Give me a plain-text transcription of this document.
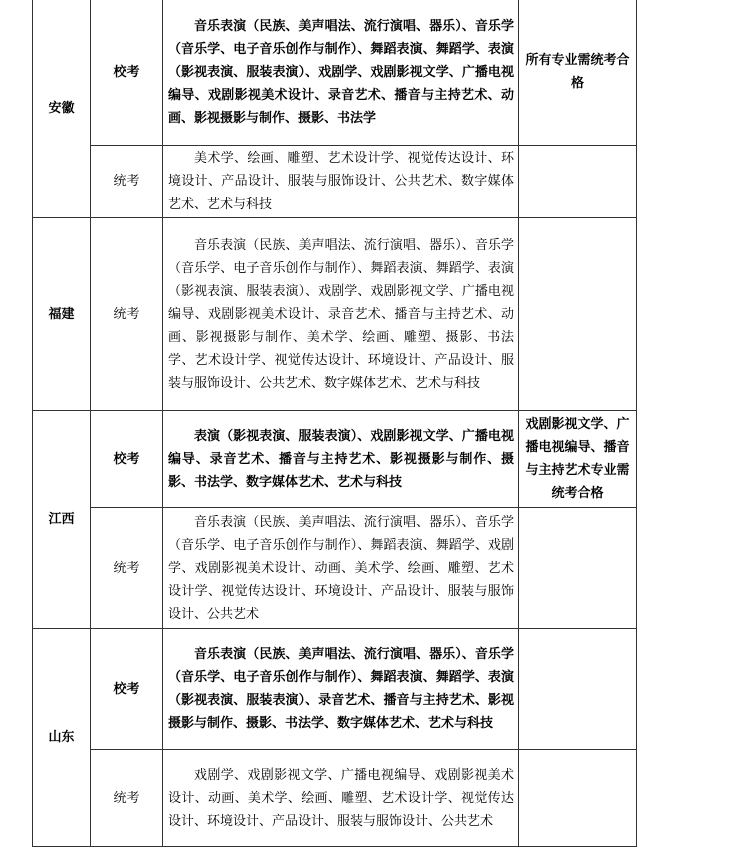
安徽	校考	音乐表演（民族、美声唱法、流行演唱、器乐）、音乐学（音乐学、电子音乐创作与制作）、舞蹈表演、舞蹈学、表演（影视表演、服装表演）、戏剧学、戏剧影视文学、广播电视编导、戏剧影视美术设计、录音艺术、播音与主持艺术、动画、影视摄影与制作、摄影、书法学	所有专业需统考合格
	统考	美术学、绘画、雕塑、艺术设计学、视觉传达设计、环境设计、产品设计、服装与服饰设计、公共艺术、数字媒体艺术、艺术与科技	
福建	统考	音乐表演（民族、美声唱法、流行演唱、器乐）、音乐学（音乐学、电子音乐创作与制作）、舞蹈表演、舞蹈学、表演（影视表演、服装表演）、戏剧学、戏剧影视文学、广播电视编导、戏剧影视美术设计、录音艺术、播音与主持艺术、动画、影视摄影与制作、美术学、绘画、雕塑、摄影、书法学、艺术设计学、视觉传达设计、环境设计、产品设计、服装与服饰设计、公共艺术、数字媒体艺术、艺术与科技	
江西	校考	表演（影视表演、服装表演）、戏剧影视文学、广播电视编导、录音艺术、播音与主持艺术、影视摄影与制作、摄影、书法学、数字媒体艺术、艺术与科技	戏剧影视文学、广播电视编导、播音与主持艺术专业需统考合格
	统考	音乐表演（民族、美声唱法、流行演唱、器乐）、音乐学（音乐学、电子音乐创作与制作）、舞蹈表演、舞蹈学、戏剧学、戏剧影视美术设计、动画、美术学、绘画、雕塑、艺术设计学、视觉传达设计、环境设计、产品设计、服装与服饰设计、公共艺术	
山东	校考	音乐表演（民族、美声唱法、流行演唱、器乐）、音乐学（音乐学、电子音乐创作与制作）、舞蹈表演、舞蹈学、表演（影视表演、服装表演）、录音艺术、播音与主持艺术、影视摄影与制作、摄影、书法学、数字媒体艺术、艺术与科技	
	统考	戏剧学、戏剧影视文学、广播电视编导、戏剧影视美术设计、动画、美术学、绘画、雕塑、艺术设计学、视觉传达设计、环境设计、产品设计、服装与服饰设计、公共艺术	
